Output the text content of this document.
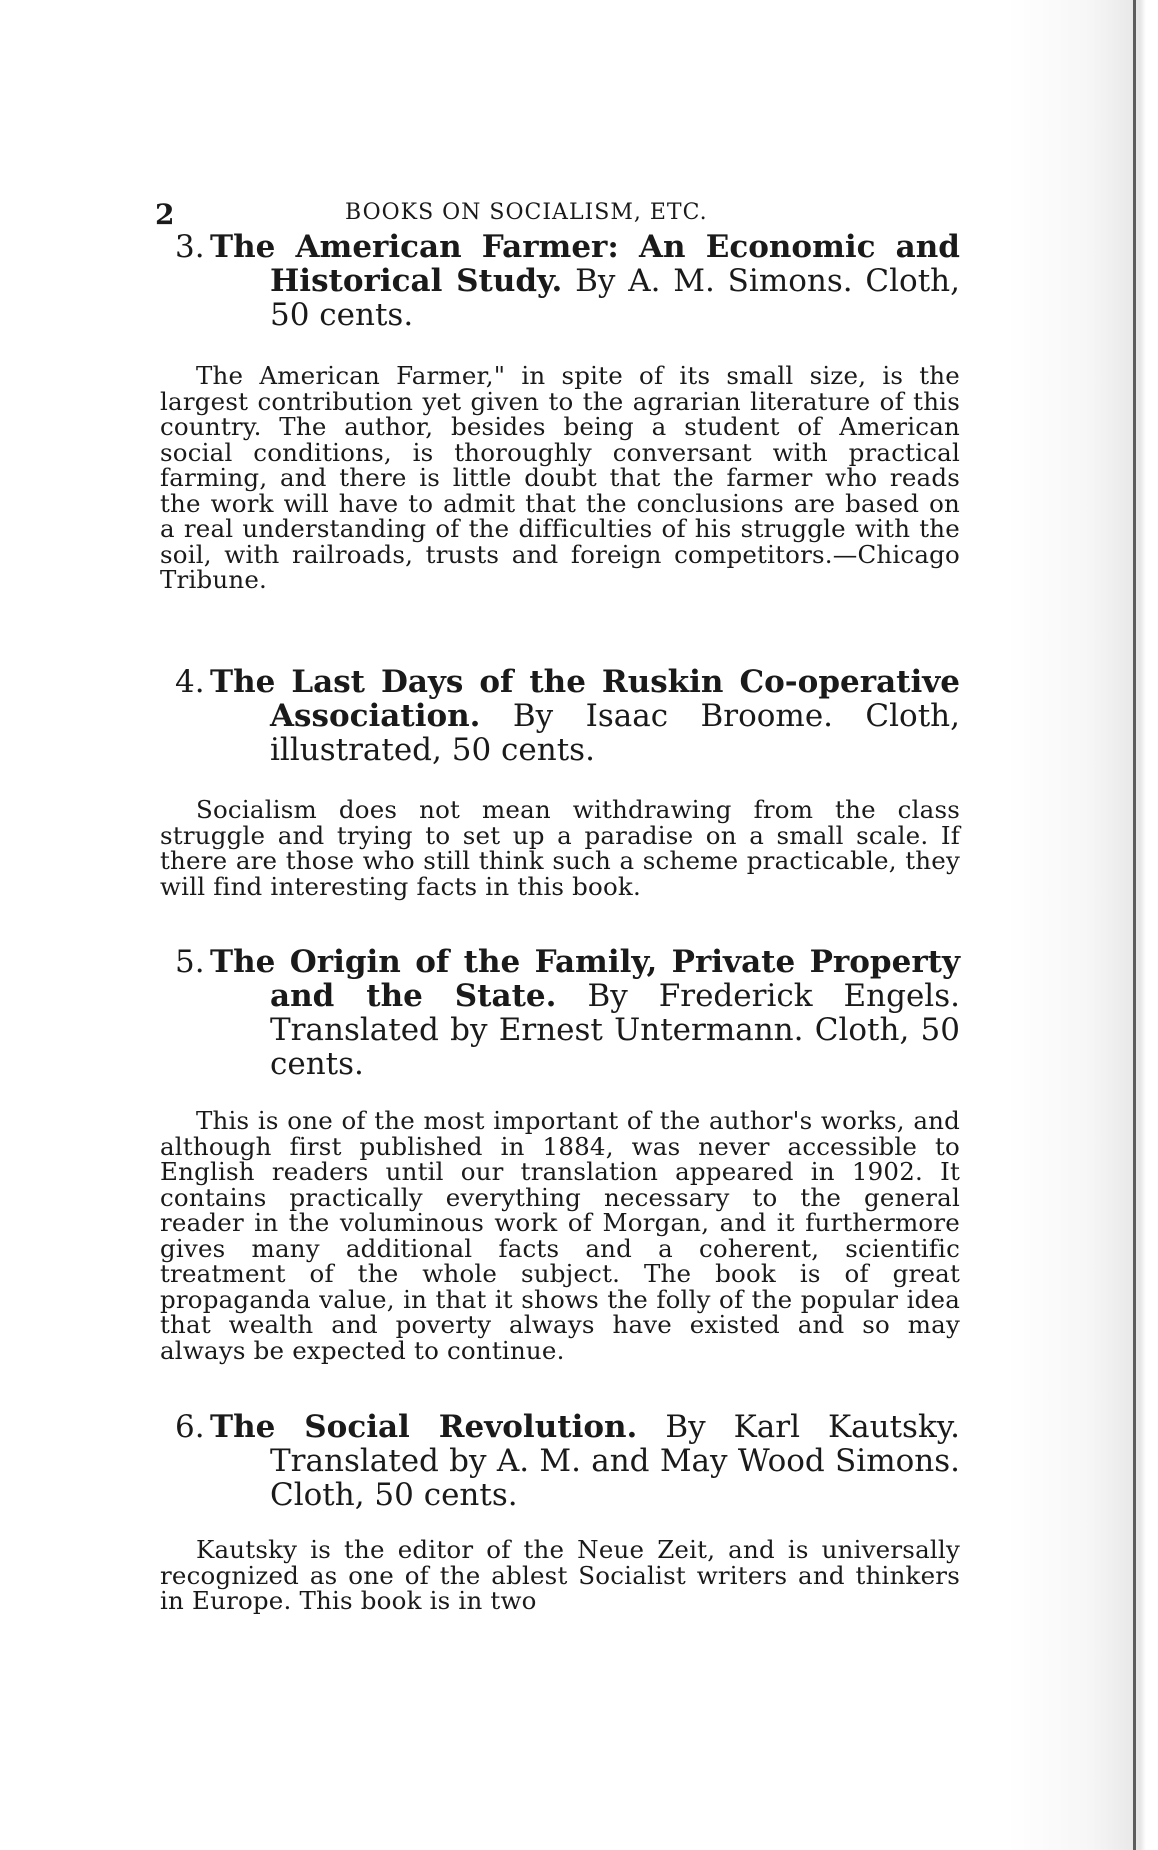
2	BOOKS ON SOCIALISM, ETC.
3. The American Farmer: An Economic and Historical Study. By A. M. Simons. Cloth, 50 cents.

The American Farmer," in spite of its small size, is the largest contribution yet given to the agrarian literature of this country. The author, besides being a student of American social conditions, is thoroughly conversant with practical farming, and there is little doubt that the farmer who reads the work will have to admit that the conclusions are based on a real understanding of the difficulties of his struggle with the soil, with railroads, trusts and foreign competitors.—Chicago Tribune.

4. The Last Days of the Ruskin Co-operative Association. By Isaac Broome. Cloth, illustrated, 50 cents.

Socialism does not mean withdrawing from the class struggle and trying to set up a paradise on a small scale. If there are those who still think such a scheme practicable, they will find interesting facts in this book.

5. The Origin of the Family, Private Property and the State. By Frederick Engels. Translated by Ernest Untermann. Cloth, 50 cents.

This is one of the most important of the author's works, and although first published in 1884, was never accessible to English readers until our translation appeared in 1902. It contains practically everything necessary to the general reader in the voluminous work of Morgan, and it furthermore gives many additional facts and a coherent, scientific treatment of the whole subject. The book is of great propaganda value, in that it shows the folly of the popular idea that wealth and poverty always have existed and so may always be expected to continue.

6. The Social Revolution. By Karl Kautsky. Translated by A. M. and May Wood Simons. Cloth, 50 cents.

Kautsky is the editor of the Neue Zeit, and is universally recognized as one of the ablest Socialist writers and thinkers in Europe. This book is in two
